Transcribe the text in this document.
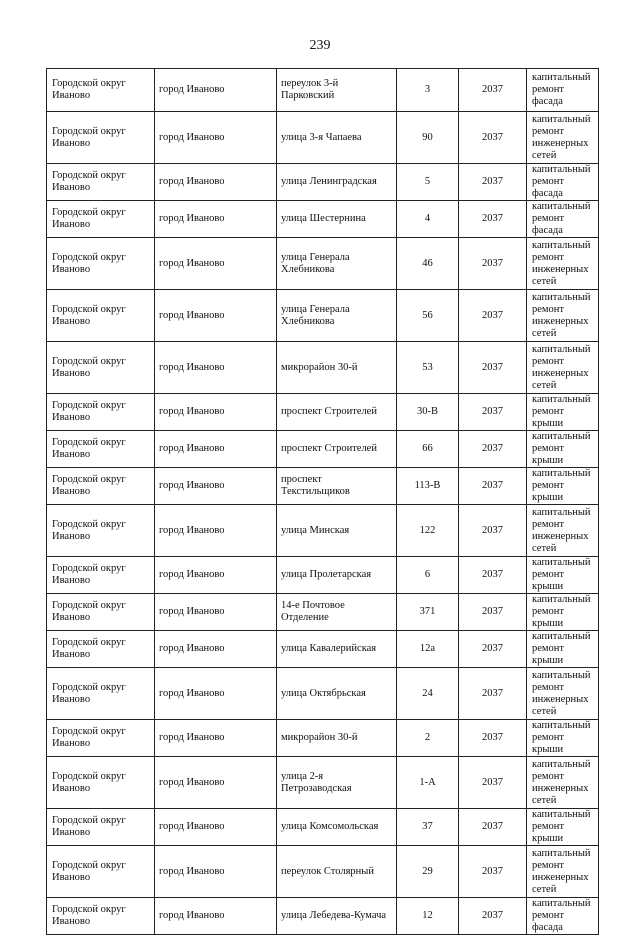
239
Городской округ Иваново	город Иваново	переулок 3-й Парковский	3	2037	капитальный ремонт фасада
Городской округ Иваново	город Иваново	улица 3-я Чапаева	90	2037	капитальный ремонт инженерных сетей
Городской округ Иваново	город Иваново	улица Ленинградская	5	2037	капитальный ремонт фасада
Городской округ Иваново	город Иваново	улица Шестернина	4	2037	капитальный ремонт фасада
Городской округ Иваново	город Иваново	улица Генерала Хлебникова	46	2037	капитальный ремонт инженерных сетей
Городской округ Иваново	город Иваново	улица Генерала Хлебникова	56	2037	капитальный ремонт инженерных сетей
Городской округ Иваново	город Иваново	микрорайон 30-й	53	2037	капитальный ремонт инженерных сетей
Городской округ Иваново	город Иваново	проспект Строителей	30-В	2037	капитальный ремонт крыши
Городской округ Иваново	город Иваново	проспект Строителей	66	2037	капитальный ремонт крыши
Городской округ Иваново	город Иваново	проспект Текстильщиков	113-В	2037	капитальный ремонт крыши
Городской округ Иваново	город Иваново	улица Минская	122	2037	капитальный ремонт инженерных сетей
Городской округ Иваново	город Иваново	улица Пролетарская	6	2037	капитальный ремонт крыши
Городской округ Иваново	город Иваново	14-е Почтовое Отделение	371	2037	капитальный ремонт крыши
Городской округ Иваново	город Иваново	улица Кавалерийская	12а	2037	капитальный ремонт крыши
Городской округ Иваново	город Иваново	улица Октябрьская	24	2037	капитальный ремонт инженерных сетей
Городской округ Иваново	город Иваново	микрорайон 30-й	2	2037	капитальный ремонт крыши
Городской округ Иваново	город Иваново	улица 2-я Петрозаводская	1-А	2037	капитальный ремонт инженерных сетей
Городской округ Иваново	город Иваново	улица Комсомольская	37	2037	капитальный ремонт крыши
Городской округ Иваново	город Иваново	переулок Столярный	29	2037	капитальный ремонт инженерных сетей
Городской округ Иваново	город Иваново	улица Лебедева-Кумача	12	2037	капитальный ремонт фасада
